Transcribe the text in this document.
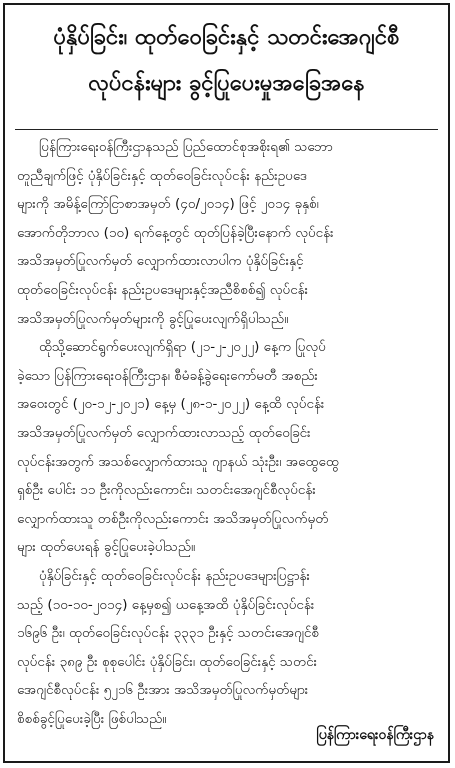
ပုံနှိပ်ခြင်း၊ ထုတ်ဝေခြင်းနှင့် သတင်းအေဂျင်စီ
လုပ်ငန်းများ ခွင့်ပြုပေးမှုအခြေအနေ

ပြန်ကြားရေးဝန်ကြီးဌာနသည် ပြည်ထောင်စုအစိုးရ၏ သဘော
တူညီချက်ဖြင့် ပုံနှိပ်ခြင်းနှင့် ထုတ်ဝေခြင်းလုပ်ငန်း နည်းဥပဒေ
များကို အမိန့်ကြော်ငြာစာအမှတ် (၄၀/၂၀၁၄) ဖြင့် ၂၀၁၄ ခုနှစ်၊
အောက်တိုဘာလ (၁၀) ရက်နေ့တွင် ထုတ်ပြန်ခဲ့ပြီးနောက် လုပ်ငန်း
အသိအမှတ်ပြုလက်မှတ် လျှောက်ထားလာပါက ပုံနှိပ်ခြင်းနှင့်
ထုတ်ဝေခြင်းလုပ်ငန်း နည်းဥပဒေများနှင့်အညီစိစစ်၍ လုပ်ငန်း
အသိအမှတ်ပြုလက်မှတ်များကို ခွင့်ပြုပေးလျက်ရှိပါသည်။

ထိုသို့ဆောင်ရွက်ပေးလျက်ရှိရာ (၂၁-၂-၂၀၂၂) နေ့က ပြုလုပ်
ခဲ့သော ပြန်ကြားရေးဝန်ကြီးဌာန၊ စီမံခန့်ခွဲရေးကော်မတီ အစည်း
အဝေးတွင် (၂၀-၁၂-၂၀၂၁) နေ့မှ (၂၈-၁-၂၀၂၂) နေ့ထိ လုပ်ငန်း
အသိအမှတ်ပြုလက်မှတ် လျှောက်ထားလာသည့် ထုတ်ဝေခြင်း
လုပ်ငန်းအတွက် အသစ်လျှောက်ထားသူ ဂျာနယ် သုံးဦး၊ အထွေထွေ
ရှစ်ဦး ပေါင်း ၁၁ ဦးကိုလည်းကောင်း၊ သတင်းအေဂျင်စီလုပ်ငန်း
လျှောက်ထားသူ တစ်ဦးကိုလည်းကောင်း အသိအမှတ်ပြုလက်မှတ်
များ ထုတ်ပေးရန် ခွင့်ပြုပေးခဲ့ပါသည်။

ပုံနှိပ်ခြင်းနှင့် ထုတ်ဝေခြင်းလုပ်ငန်း နည်းဥပဒေများပြဋ္ဌာန်း
သည့် (၁၀-၁၀-၂၀၁၄) နေ့မှစ၍ ယနေ့အထိ ပုံနှိပ်ခြင်းလုပ်ငန်း
၁၆၉၆ ဦး၊ ထုတ်ဝေခြင်းလုပ်ငန်း ၃၃၃၁ ဦးနှင့် သတင်းအေဂျင်စီ
လုပ်ငန်း ၃၈၉ ဦး စုစုပေါင်း ပုံနှိပ်ခြင်း၊ ထုတ်ဝေခြင်းနှင့် သတင်း
အေဂျင်စီလုပ်ငန်း ၅၂၁၆ ဦးအား အသိအမှတ်ပြုလက်မှတ်များ
စိစစ်ခွင့်ပြုပေးခဲ့ပြီး ဖြစ်ပါသည်။

ပြန်ကြားရေးဝန်ကြီးဌာန
